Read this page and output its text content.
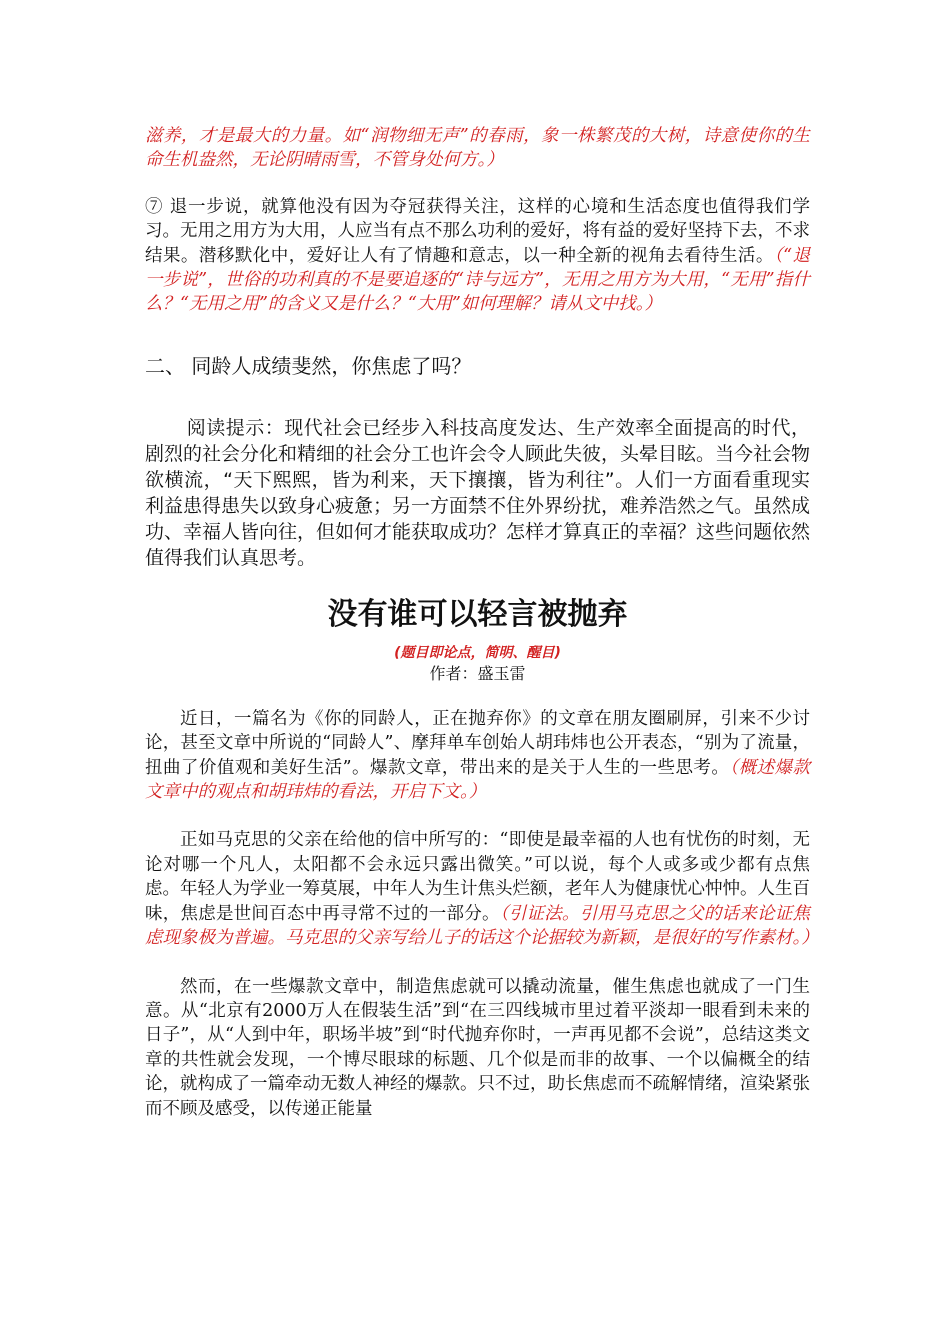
滋养，才是最大的力量。如“润物细无声”的春雨，象一株繁茂的大树，诗意使你的生命生机盎然，无论阴晴雨雪，不管身处何方。）

⑦ 退一步说，就算他没有因为夺冠获得关注，这样的心境和生活态度也值得我们学习。无用之用方为大用，人应当有点不那么功利的爱好，将有益的爱好坚持下去，不求结果。潜移默化中，爱好让人有了情趣和意志，以一种全新的视角去看待生活。（“退一步说”，世俗的功利真的不是要追逐的“诗与远方”，无用之用方为大用，“无用”指什么？“无用之用”的含义又是什么？“大用”如何理解？请从文中找。）

二、 同龄人成绩斐然，你焦虑了吗？

阅读提示：现代社会已经步入科技高度发达、生产效率全面提高的时代，剧烈的社会分化和精细的社会分工也许会令人顾此失彼，头晕目眩。当今社会物欲横流，“天下熙熙，皆为利来，天下攘攘，皆为利往”。人们一方面看重现实利益患得患失以致身心疲惫；另一方面禁不住外界纷扰，难养浩然之气。虽然成功、幸福人皆向往，但如何才能获取成功？怎样才算真正的幸福？这些问题依然值得我们认真思考。

没有谁可以轻言被抛弃

(题目即论点，简明、醒目)

作者：盛玉雷

近日，一篇名为《你的同龄人，正在抛弃你》的文章在朋友圈刷屏，引来不少讨论，甚至文章中所说的“同龄人”、摩拜单车创始人胡玮炜也公开表态，“别为了流量，扭曲了价值观和美好生活”。爆款文章，带出来的是关于人生的一些思考。（概述爆款文章中的观点和胡玮炜的看法，开启下文。）

正如马克思的父亲在给他的信中所写的：“即使是最幸福的人也有忧伤的时刻，无论对哪一个凡人，太阳都不会永远只露出微笑。”可以说，每个人或多或少都有点焦虑。年轻人为学业一筹莫展，中年人为生计焦头烂额，老年人为健康忧心忡忡。人生百味，焦虑是世间百态中再寻常不过的一部分。（引证法。引用马克思之父的话来论证焦虑现象极为普遍。马克思的父亲写给儿子的话这个论据较为新颖，是很好的写作素材。）

然而，在一些爆款文章中，制造焦虑就可以撬动流量，催生焦虑也就成了一门生意。从“北京有2000万人在假装生活”到“在三四线城市里过着平淡却一眼看到未来的日子”，从“人到中年，职场半坡”到“时代抛弃你时，一声再见都不会说”，总结这类文章的共性就会发现，一个博尽眼球的标题、几个似是而非的故事、一个以偏概全的结论，就构成了一篇牵动无数人神经的爆款。只不过，助长焦虑而不疏解情绪，渲染紧张而不顾及感受，以传递正能量
